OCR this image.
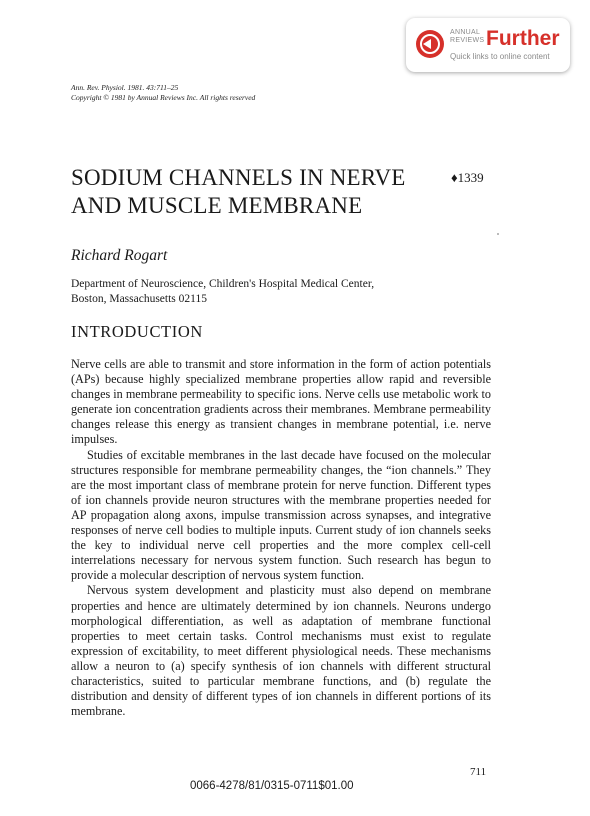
ANNUAL
REVIEWS Further
Quick links to online content
Ann. Rev. Physiol. 1981. 43:711–25
Copyright © 1981 by Annual Reviews Inc. All rights reserved
SODIUM CHANNELS IN NERVE
AND MUSCLE MEMBRANE
♦1339
Richard Rogart
Department of Neuroscience, Children's Hospital Medical Center,
Boston, Massachusetts 02115
INTRODUCTION

Nerve cells are able to transmit and store information in the form of action potentials (APs) because highly specialized membrane properties allow rapid and reversible changes in membrane permeability to specific ions. Nerve cells use metabolic work to generate ion concentration gradients across their membranes. Membrane permeability changes release this energy as transient changes in membrane potential, i.e. nerve impulses.

Studies of excitable membranes in the last decade have focused on the molecular structures responsible for membrane permeability changes, the “ion channels.” They are the most important class of membrane protein for nerve function. Different types of ion channels provide neuron structures with the membrane properties needed for AP propagation along axons, impulse transmission across synapses, and integrative responses of nerve cell bodies to multiple inputs. Current study of ion channels seeks the key to individual nerve cell properties and the more complex cell-cell interrelations necessary for nervous system function. Such research has begun to provide a molecular description of nervous system function.

Nervous system development and plasticity must also depend on membrane properties and hence are ultimately determined by ion channels. Neurons undergo morphological differentiation, as well as adaptation of membrane functional properties to meet certain tasks. Control mechanisms must exist to regulate expression of excitability, to meet different physiological needs. These mechanisms allow a neuron to (a) specify synthesis of ion channels with different structural characteristics, suited to particular membrane functions, and (b) regulate the distribution and density of different types of ion channels in different portions of its membrane.

711
0066-4278/81/0315-0711$01.00
